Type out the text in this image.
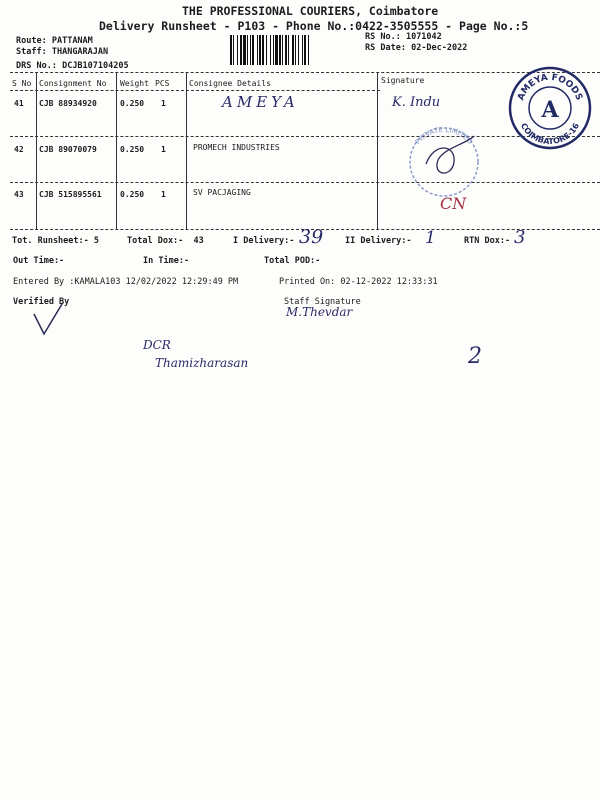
THE PROFESSIONAL COURIERS, Coimbatore
Delivery Runsheet - P103 - Phone No.:0422-3505555 - Page No.:5
Route: PATTANAM
Staff: THANGARAJAN
DRS No.: DCJB107104205
RS No.: 1071042
RS Date: 02-Dec-2022
S No Consignment No Weight PCS Consignee Details	Signature
41 CJB 88934920	0.250 1	AMEYA	K. Indu
42 CJB 89070079	0.250 1	PROMECH INDUSTRIES
43 CJB 515895561 0.250 1	SV PACJAGING
CN
AMEYA FOODS
COIMBATORE-16
A
PRIVATE LIMITED
Tot. Runsheet:- 5	Total Dox:- 43	I Delivery:- 39	II Delivery:- 1	RTN Dox:- 3
Out Time:-	In Time:-	Total POD:-
Entered By :KAMALA103 12/02/2022 12:29:49 PM	Printed On: 02-12-2022 12:33:31
Verified By	Staff Signature
M.Thevdar
DCR
Thamizharasan	2
